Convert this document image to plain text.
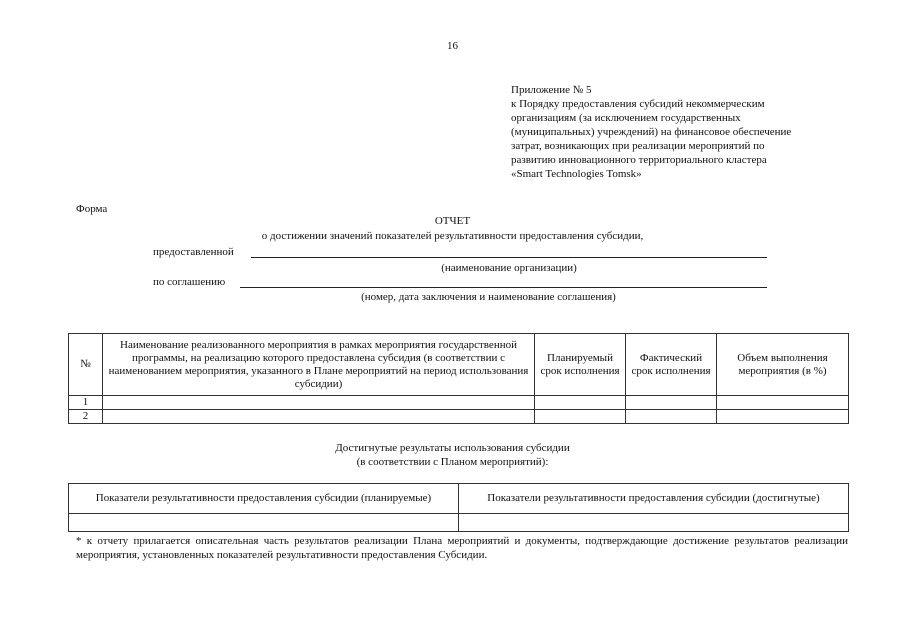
16
Приложение № 5
к Порядку предоставления субсидий некоммерческим
организациям (за исключением государственных
(муниципальных) учреждений) на финансовое обеспечение
затрат, возникающих при реализации мероприятий по
развитию инновационного территориального кластера
«Smart Technologies Tomsk»
Форма
ОТЧЕТ
о достижении значений показателей результативности предоставления субсидии,
предоставленной
(наименование организации)
по соглашению
(номер, дата заключения и наименование соглашения)
№	Наименование реализованного мероприятия в рамках мероприятия государственной программы, на реализацию которого предоставлена субсидия (в соответствии с наименованием мероприятия, указанного в Плане мероприятий на период использования субсидии)	Планируемый срок исполнения	Фактический срок исполнения	Объем выполнения мероприятия (в %)
1				
2				
Достигнутые результаты использования субсидии
(в соответствии с Планом мероприятий):
Показатели результативности предоставления субсидии (планируемые)	Показатели результативности предоставления субсидии (достигнутые)

* к отчету прилагается описательная часть результатов реализации Плана мероприятий и документы, подтверждающие достижение результатов реализации мероприятия, установленных показателей результативности предоставления Субсидии.
